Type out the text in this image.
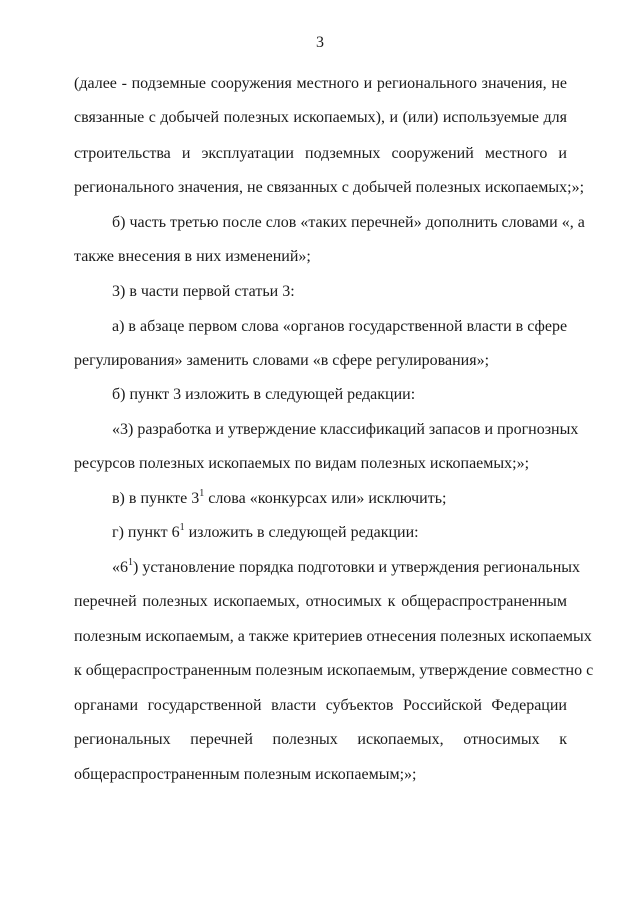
3
(далее - подземные сооружения местного и регионального значения, не
связанные с добычей полезных ископаемых), и (или) используемые для
строительства и эксплуатации подземных сооружений местного и
регионального значения, не связанных с добычей полезных ископаемых;»;
б) часть третью после слов «таких перечней» дополнить словами «, а
также внесения в них изменений»;
3) в части первой статьи 3:
а) в абзаце первом слова «органов государственной власти в сфере
регулирования» заменить словами «в сфере регулирования»;
б) пункт 3 изложить в следующей редакции:
«3) разработка и утверждение классификаций запасов и прогнозных
ресурсов полезных ископаемых по видам полезных ископаемых;»;
в) в пункте $3^1$ слова «конкурсах или» исключить;
г) пункт $6^1$ изложить в следующей редакции:
«$6^1$) установление порядка подготовки и утверждения региональных
перечней полезных ископаемых, относимых к общераспространенным
полезным ископаемым, а также критериев отнесения полезных ископаемых
к общераспространенным полезным ископаемым, утверждение совместно с
органами государственной власти субъектов Российской Федерации
региональных перечней полезных ископаемых, относимых к
общераспространенным полезным ископаемым;»;
